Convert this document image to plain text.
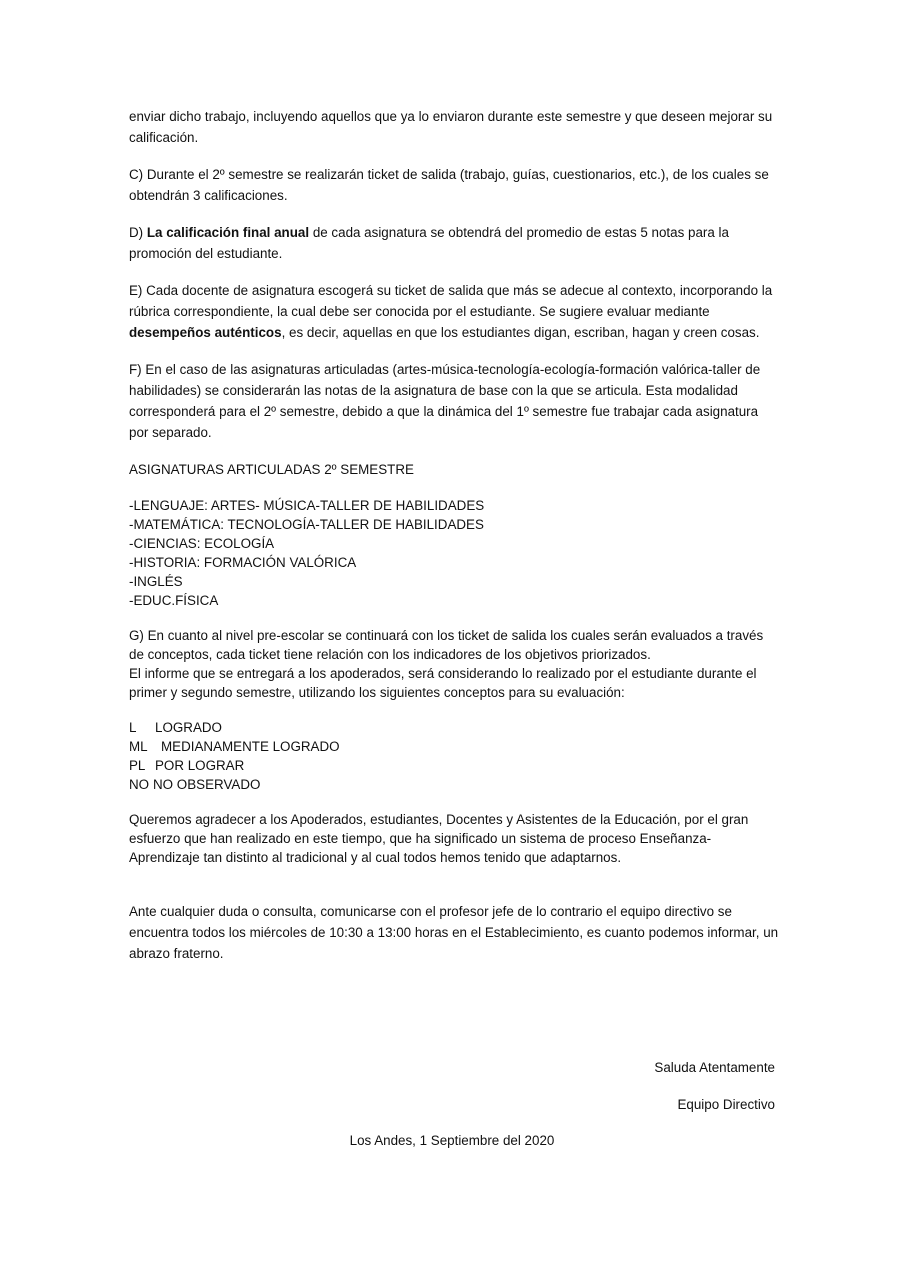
enviar dicho trabajo, incluyendo aquellos que ya lo enviaron durante este semestre y que deseen mejorar su calificación.

C) Durante el 2º semestre se realizarán ticket de salida (trabajo, guías, cuestionarios, etc.), de los cuales se obtendrán 3 calificaciones.

D) La calificación final anual de cada asignatura se obtendrá del promedio de estas 5 notas para la promoción del estudiante.

E) Cada docente de asignatura escogerá su ticket de salida que más se adecue al contexto, incorporando la rúbrica correspondiente, la cual debe ser conocida por el estudiante. Se sugiere evaluar mediante desempeños auténticos, es decir, aquellas en que los estudiantes digan, escriban, hagan y creen cosas.

F) En el caso de las asignaturas articuladas (artes-música-tecnología-ecología-formación valórica-taller de habilidades) se considerarán las notas de la asignatura de base con la que se articula. Esta modalidad corresponderá para el 2º semestre, debido a que la dinámica del 1º semestre fue trabajar cada asignatura por separado.

ASIGNATURAS ARTICULADAS 2º SEMESTRE

-LENGUAJE: ARTES- MÚSICA-TALLER DE HABILIDADES
-MATEMÁTICA: TECNOLOGÍA-TALLER DE HABILIDADES
-CIENCIAS: ECOLOGÍA
-HISTORIA: FORMACIÓN VALÓRICA
-INGLÉS
-EDUC.FÍSICA
G) En cuanto al nivel pre-escolar se continuará con los ticket de salida los cuales serán evaluados a través de conceptos, cada ticket tiene relación con los indicadores de los objetivos priorizados.
El informe que se entregará a los apoderados, será considerando lo realizado por el estudiante durante el primer y segundo semestre, utilizando los siguientes conceptos para su evaluación:
L LOGRADO
ML MEDIANAMENTE LOGRADO
PL POR LOGRAR
NO NO OBSERVADO

Queremos agradecer a los Apoderados, estudiantes, Docentes y Asistentes de la Educación, por el gran esfuerzo que han realizado en este tiempo, que ha significado un sistema de proceso Enseñanza-Aprendizaje tan distinto al tradicional y al cual todos hemos tenido que adaptarnos.

Ante cualquier duda o consulta, comunicarse con el profesor jefe de lo contrario el equipo directivo se encuentra todos los miércoles de 10:30 a 13:00 horas en el Establecimiento, es cuanto podemos informar, un abrazo fraterno.

Saluda Atentamente
Equipo Directivo
Los Andes, 1 Septiembre del 2020
